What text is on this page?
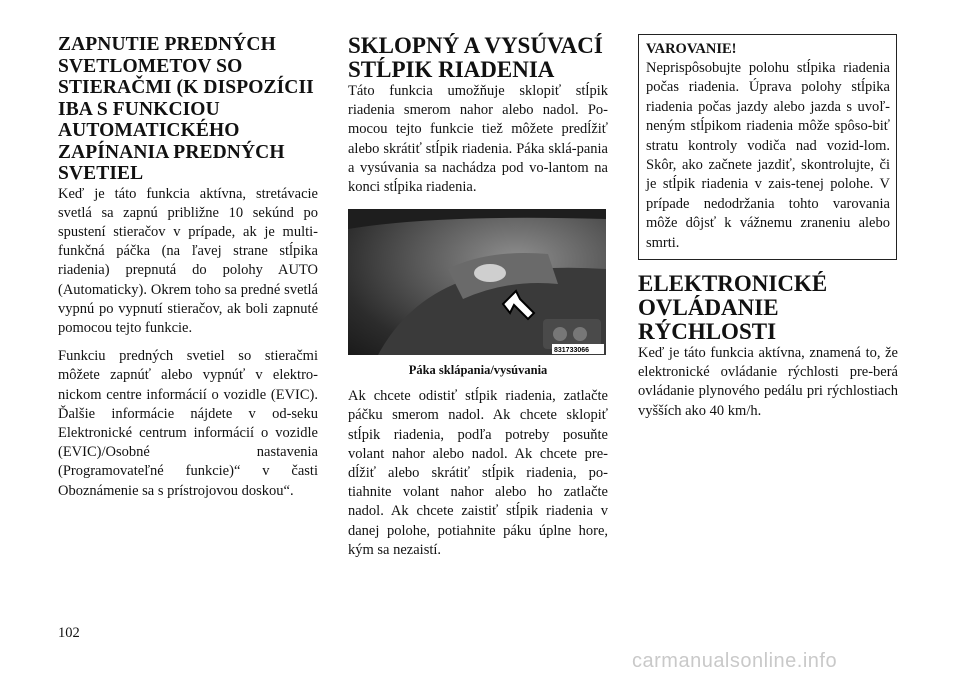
ZAPNUTIE PREDNÝCH SVETLOMETOV SO STIERAČMI (K DISPOZÍCII IBA S FUNKCIOU AUTOMATICKÉHO ZAPÍNANIA PREDNÝCH SVETIEL

Keď je táto funkcia aktívna, stretávacie svetlá sa zapnú približne 10 sekúnd po spustení stieračov v prípade, ak je multi-funkčná páčka (na ľavej strane stĺpika riadenia) prepnutá do polohy AUTO (Automaticky). Okrem toho sa predné svetlá vypnú po vypnutí stieračov, ak boli zapnuté pomocou tejto funkcie.

Funkciu predných svetiel so stieračmi môžete zapnúť alebo vypnúť v elektro-nickom centre informácií o vozidle (EVIC). Ďalšie informácie nájdete v od-seku Elektronické centrum informácií o vozidle (EVIC)/Osobné nastavenia (Programovateľné funkcie)“ v časti Oboznámenie sa s prístrojovou doskou“.

SKLOPNÝ A VYSÚVACÍ STĹPIK RIADENIA

Táto funkcia umožňuje sklopiť stĺpik riadenia smerom nahor alebo nadol. Po-mocou tejto funkcie tiež môžete predĺžiť alebo skrátiť stĺpik riadenia. Páka sklá-pania a vysúvania sa nachádza pod vo-lantom na konci stĺpika riadenia.

831733066
Páka sklápania/vysúvania

Ak chcete odistiť stĺpik riadenia, zatlačte páčku smerom nadol. Ak chcete sklopiť stĺpik riadenia, podľa potreby posuňte volant nahor alebo nadol. Ak chcete pre-dĺžiť alebo skrátiť stĺpik riadenia, po-tiahnite volant nahor alebo ho zatlačte nadol. Ak chcete zaistiť stĺpik riadenia v danej polohe, potiahnite páku úplne hore, kým sa nezaistí.

VAROVANIE!

Neprispôsobujte polohu stĺpika riadenia počas riadenia. Úprava polohy stĺpika riadenia počas jazdy alebo jazda s uvoľ-neným stĺpikom riadenia môže spôso-biť stratu kontroly vodiča nad vozid-lom. Skôr, ako začnete jazdiť, skontrolujte, či je stĺpik riadenia v zais-tenej polohe. V prípade nedodržania tohto varovania môže dôjsť k vážnemu zraneniu alebo smrti.

ELEKTRONICKÉ OVLÁDANIE RÝCHLOSTI

Keď je táto funkcia aktívna, znamená to, že elektronické ovládanie rýchlosti pre-berá ovládanie plynového pedálu pri rýchlostiach vyšších ako 40 km/h.

102
carmanualsonline.info
